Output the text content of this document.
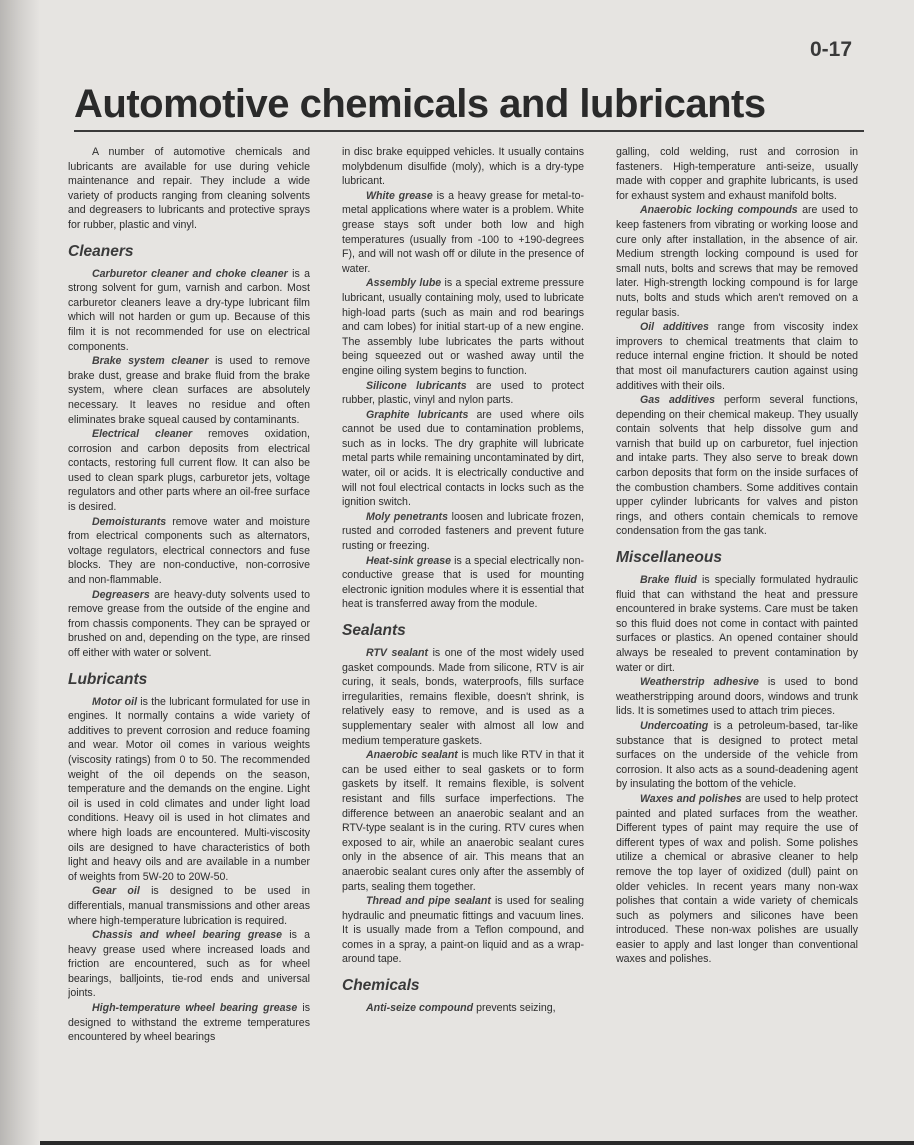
0-17
Automotive chemicals and lubricants

A number of automotive chemicals and lubricants are available for use during vehicle maintenance and repair. They include a wide variety of products ranging from cleaning solvents and degreasers to lubricants and protective sprays for rubber, plastic and vinyl.

Cleaners

Carburetor cleaner and choke cleaner is a strong solvent for gum, varnish and carbon. Most carburetor cleaners leave a dry-type lubricant film which will not harden or gum up. Because of this film it is not recommended for use on electrical components.

Brake system cleaner is used to remove brake dust, grease and brake fluid from the brake system, where clean surfaces are absolutely necessary. It leaves no residue and often eliminates brake squeal caused by contaminants.

Electrical cleaner removes oxidation, corrosion and carbon deposits from electrical contacts, restoring full current flow. It can also be used to clean spark plugs, carburetor jets, voltage regulators and other parts where an oil-free surface is desired.

Demoisturants remove water and moisture from electrical components such as alternators, voltage regulators, electrical connectors and fuse blocks. They are non-conductive, non-corrosive and non-flammable.

Degreasers are heavy-duty solvents used to remove grease from the outside of the engine and from chassis components. They can be sprayed or brushed on and, depending on the type, are rinsed off either with water or solvent.

Lubricants

Motor oil is the lubricant formulated for use in engines. It normally contains a wide variety of additives to prevent corrosion and reduce foaming and wear. Motor oil comes in various weights (viscosity ratings) from 0 to 50. The recommended weight of the oil depends on the season, temperature and the demands on the engine. Light oil is used in cold climates and under light load conditions. Heavy oil is used in hot climates and where high loads are encountered. Multi-viscosity oils are designed to have characteristics of both light and heavy oils and are available in a number of weights from 5W-20 to 20W-50.

Gear oil is designed to be used in differentials, manual transmissions and other areas where high-temperature lubrication is required.

Chassis and wheel bearing grease is a heavy grease used where increased loads and friction are encountered, such as for wheel bearings, balljoints, tie-rod ends and universal joints.

High-temperature wheel bearing grease is designed to withstand the extreme temperatures encountered by wheel bearings

in disc brake equipped vehicles. It usually contains molybdenum disulfide (moly), which is a dry-type lubricant.

White grease is a heavy grease for metal-to-metal applications where water is a problem. White grease stays soft under both low and high temperatures (usually from -100 to +190-degrees F), and will not wash off or dilute in the presence of water.

Assembly lube is a special extreme pressure lubricant, usually containing moly, used to lubricate high-load parts (such as main and rod bearings and cam lobes) for initial start-up of a new engine. The assembly lube lubricates the parts without being squeezed out or washed away until the engine oiling system begins to function.

Silicone lubricants are used to protect rubber, plastic, vinyl and nylon parts.

Graphite lubricants are used where oils cannot be used due to contamination problems, such as in locks. The dry graphite will lubricate metal parts while remaining uncontaminated by dirt, water, oil or acids. It is electrically conductive and will not foul electrical contacts in locks such as the ignition switch.

Moly penetrants loosen and lubricate frozen, rusted and corroded fasteners and prevent future rusting or freezing.

Heat-sink grease is a special electrically non-conductive grease that is used for mounting electronic ignition modules where it is essential that heat is transferred away from the module.

Sealants

RTV sealant is one of the most widely used gasket compounds. Made from silicone, RTV is air curing, it seals, bonds, waterproofs, fills surface irregularities, remains flexible, doesn't shrink, is relatively easy to remove, and is used as a supplementary sealer with almost all low and medium temperature gaskets.

Anaerobic sealant is much like RTV in that it can be used either to seal gaskets or to form gaskets by itself. It remains flexible, is solvent resistant and fills surface imperfections. The difference between an anaerobic sealant and an RTV-type sealant is in the curing. RTV cures when exposed to air, while an anaerobic sealant cures only in the absence of air. This means that an anaerobic sealant cures only after the assembly of parts, sealing them together.

Thread and pipe sealant is used for sealing hydraulic and pneumatic fittings and vacuum lines. It is usually made from a Teflon compound, and comes in a spray, a paint-on liquid and as a wrap-around tape.

Chemicals

Anti-seize compound prevents seizing,

galling, cold welding, rust and corrosion in fasteners. High-temperature anti-seize, usually made with copper and graphite lubricants, is used for exhaust system and exhaust manifold bolts.

Anaerobic locking compounds are used to keep fasteners from vibrating or working loose and cure only after installation, in the absence of air. Medium strength locking compound is used for small nuts, bolts and screws that may be removed later. High-strength locking compound is for large nuts, bolts and studs which aren't removed on a regular basis.

Oil additives range from viscosity index improvers to chemical treatments that claim to reduce internal engine friction. It should be noted that most oil manufacturers caution against using additives with their oils.

Gas additives perform several functions, depending on their chemical makeup. They usually contain solvents that help dissolve gum and varnish that build up on carburetor, fuel injection and intake parts. They also serve to break down carbon deposits that form on the inside surfaces of the combustion chambers. Some additives contain upper cylinder lubricants for valves and piston rings, and others contain chemicals to remove condensation from the gas tank.

Miscellaneous

Brake fluid is specially formulated hydraulic fluid that can withstand the heat and pressure encountered in brake systems. Care must be taken so this fluid does not come in contact with painted surfaces or plastics. An opened container should always be resealed to prevent contamination by water or dirt.

Weatherstrip adhesive is used to bond weatherstripping around doors, windows and trunk lids. It is sometimes used to attach trim pieces.

Undercoating is a petroleum-based, tar-like substance that is designed to protect metal surfaces on the underside of the vehicle from corrosion. It also acts as a sound-deadening agent by insulating the bottom of the vehicle.

Waxes and polishes are used to help protect painted and plated surfaces from the weather. Different types of paint may require the use of different types of wax and polish. Some polishes utilize a chemical or abrasive cleaner to help remove the top layer of oxidized (dull) paint on older vehicles. In recent years many non-wax polishes that contain a wide variety of chemicals such as polymers and silicones have been introduced. These non-wax polishes are usually easier to apply and last longer than conventional waxes and polishes.
